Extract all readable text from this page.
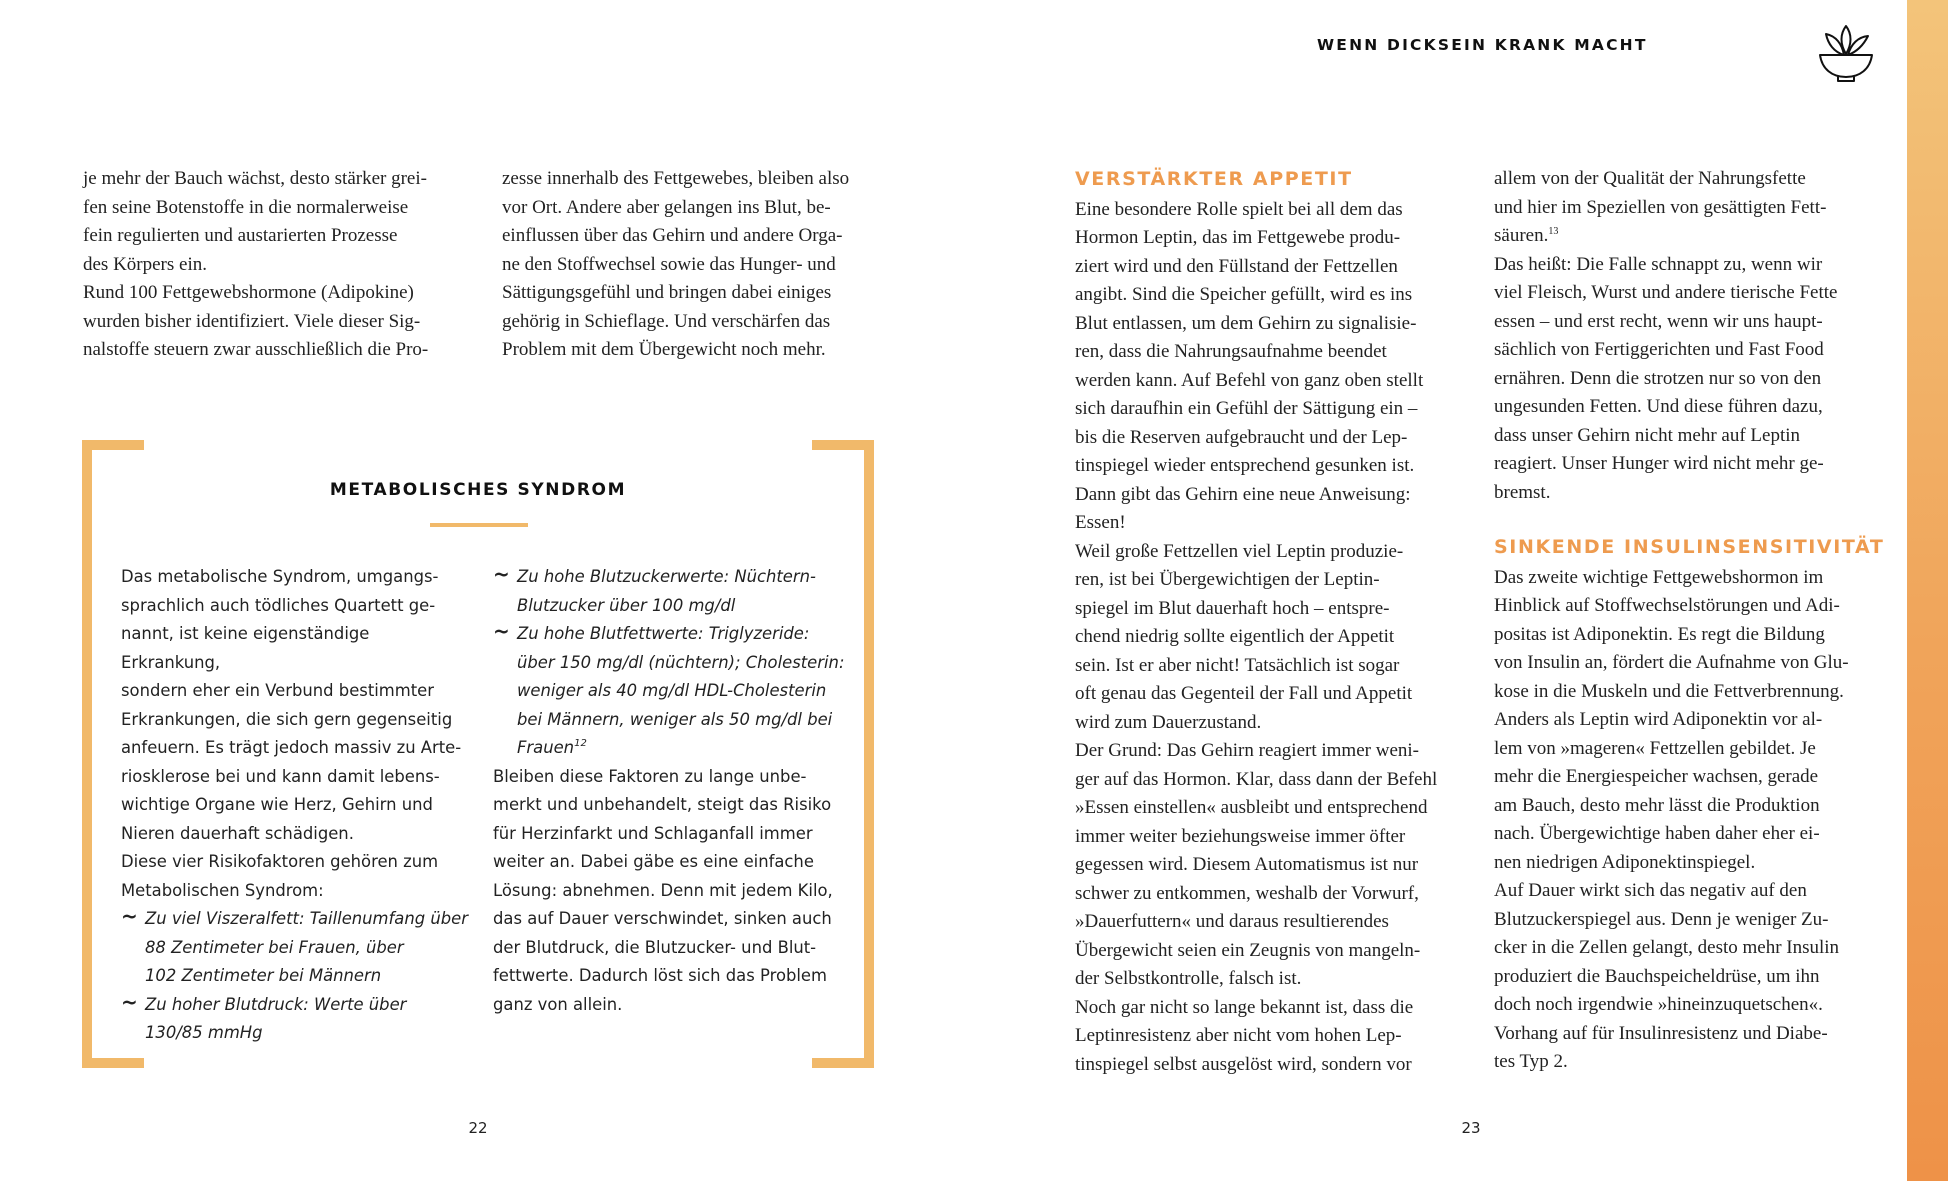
WENN DICKSEIN KRANK MACHT

je mehr der Bauch wächst, desto stärker grei-

fen seine Botenstoffe in die normalerweise

fein regulierten und austarierten Prozesse

des Körpers ein.

Rund 100 Fettgewebshormone (Adipokine)

wurden bisher identifiziert. Viele dieser Sig-

nalstoffe steuern zwar ausschließlich die Pro-

zesse innerhalb des Fettgewebes, bleiben also

vor Ort. Andere aber gelangen ins Blut, be-

einflussen über das Gehirn und andere Orga-

ne den Stoffwechsel sowie das Hunger- und

Sättigungsgefühl und bringen dabei einiges

gehörig in Schieflage. Und verschärfen das

Problem mit dem Übergewicht noch mehr.

METABOLISCHES SYNDROM

Das metabolische Syndrom, umgangs-

sprachlich auch tödliches Quartett ge-

nannt, ist keine eigenständige Erkrankung,

sondern eher ein Verbund bestimmter

Erkrankungen, die sich gern gegenseitig

anfeuern. Es trägt jedoch massiv zu Arte-

riosklerose bei und kann damit lebens-

wichtige Organe wie Herz, Gehirn und

Nieren dauerhaft schädigen.

Diese vier Risikofaktoren gehören zum

Metabolischen Syndrom:

~ Zu viel Viszeralfett: Taillenumfang über
88 Zentimeter bei Frauen, über
102 Zentimeter bei Männern
~ Zu hoher Blutdruck: Werte über
130/85 mmHg
~ Zu hohe Blutzuckerwerte: Nüchtern-
Blutzucker über 100 mg/dl
~ Zu hohe Blutfettwerte: Triglyzeride:
über 150 mg/dl (nüchtern); Cholesterin:
weniger als 40 mg/dl HDL-Cholesterin
bei Männern, weniger als 50 mg/dl bei
Frauen$^{12}$

Bleiben diese Faktoren zu lange unbe-

merkt und unbehandelt, steigt das Risiko

für Herzinfarkt und Schlaganfall immer

weiter an. Dabei gäbe es eine einfache

Lösung: abnehmen. Denn mit jedem Kilo,

das auf Dauer verschwindet, sinken auch

der Blutdruck, die Blutzucker- und Blut-

fettwerte. Dadurch löst sich das Problem

ganz von allein.

22
VERSTÄRKTER APPETIT

Eine besondere Rolle spielt bei all dem das

Hormon Leptin, das im Fettgewebe produ-

ziert wird und den Füllstand der Fettzellen

angibt. Sind die Speicher gefüllt, wird es ins

Blut entlassen, um dem Gehirn zu signalisie-

ren, dass die Nahrungsaufnahme beendet

werden kann. Auf Befehl von ganz oben stellt

sich daraufhin ein Gefühl der Sättigung ein –

bis die Reserven aufgebraucht und der Lep-

tinspiegel wieder entsprechend gesunken ist.

Dann gibt das Gehirn eine neue Anweisung:

Essen!

Weil große Fettzellen viel Leptin produzie-

ren, ist bei Übergewichtigen der Leptin-

spiegel im Blut dauerhaft hoch – entspre-

chend niedrig sollte eigentlich der Appetit

sein. Ist er aber nicht! Tatsächlich ist sogar

oft genau das Gegenteil der Fall und Appetit

wird zum Dauerzustand.

Der Grund: Das Gehirn reagiert immer weni-

ger auf das Hormon. Klar, dass dann der Befehl

»Essen einstellen« ausbleibt und entsprechend

immer weiter beziehungsweise immer öfter

gegessen wird. Diesem Automatismus ist nur

schwer zu entkommen, weshalb der Vorwurf,

»Dauerfuttern« und daraus resultierendes

Übergewicht seien ein Zeugnis von mangeln-

der Selbstkontrolle, falsch ist.

Noch gar nicht so lange bekannt ist, dass die

Leptinresistenz aber nicht vom hohen Lep-

tinspiegel selbst ausgelöst wird, sondern vor

allem von der Qualität der Nahrungsfette

und hier im Speziellen von gesättigten Fett-

säuren.$^{13}$

Das heißt: Die Falle schnappt zu, wenn wir

viel Fleisch, Wurst und andere tierische Fette

essen – und erst recht, wenn wir uns haupt-

sächlich von Fertiggerichten und Fast Food

ernähren. Denn die strotzen nur so von den

ungesunden Fetten. Und diese führen dazu,

dass unser Gehirn nicht mehr auf Leptin

reagiert. Unser Hunger wird nicht mehr ge-

bremst.

SINKENDE INSULINSENSITIVITÄT

Das zweite wichtige Fettgewebshormon im

Hinblick auf Stoffwechselstörungen und Adi-

positas ist Adiponektin. Es regt die Bildung

von Insulin an, fördert die Aufnahme von Glu-

kose in die Muskeln und die Fettverbrennung.

Anders als Leptin wird Adiponektin vor al-

lem von »mageren« Fettzellen gebildet. Je

mehr die Energiespeicher wachsen, gerade

am Bauch, desto mehr lässt die Produktion

nach. Übergewichtige haben daher eher ei-

nen niedrigen Adiponektinspiegel.

Auf Dauer wirkt sich das negativ auf den

Blutzuckerspiegel aus. Denn je weniger Zu-

cker in die Zellen gelangt, desto mehr Insulin

produziert die Bauchspeicheldrüse, um ihn

doch noch irgendwie »hineinzuquetschen«.

Vorhang auf für Insulinresistenz und Diabe-

tes Typ 2.

23
